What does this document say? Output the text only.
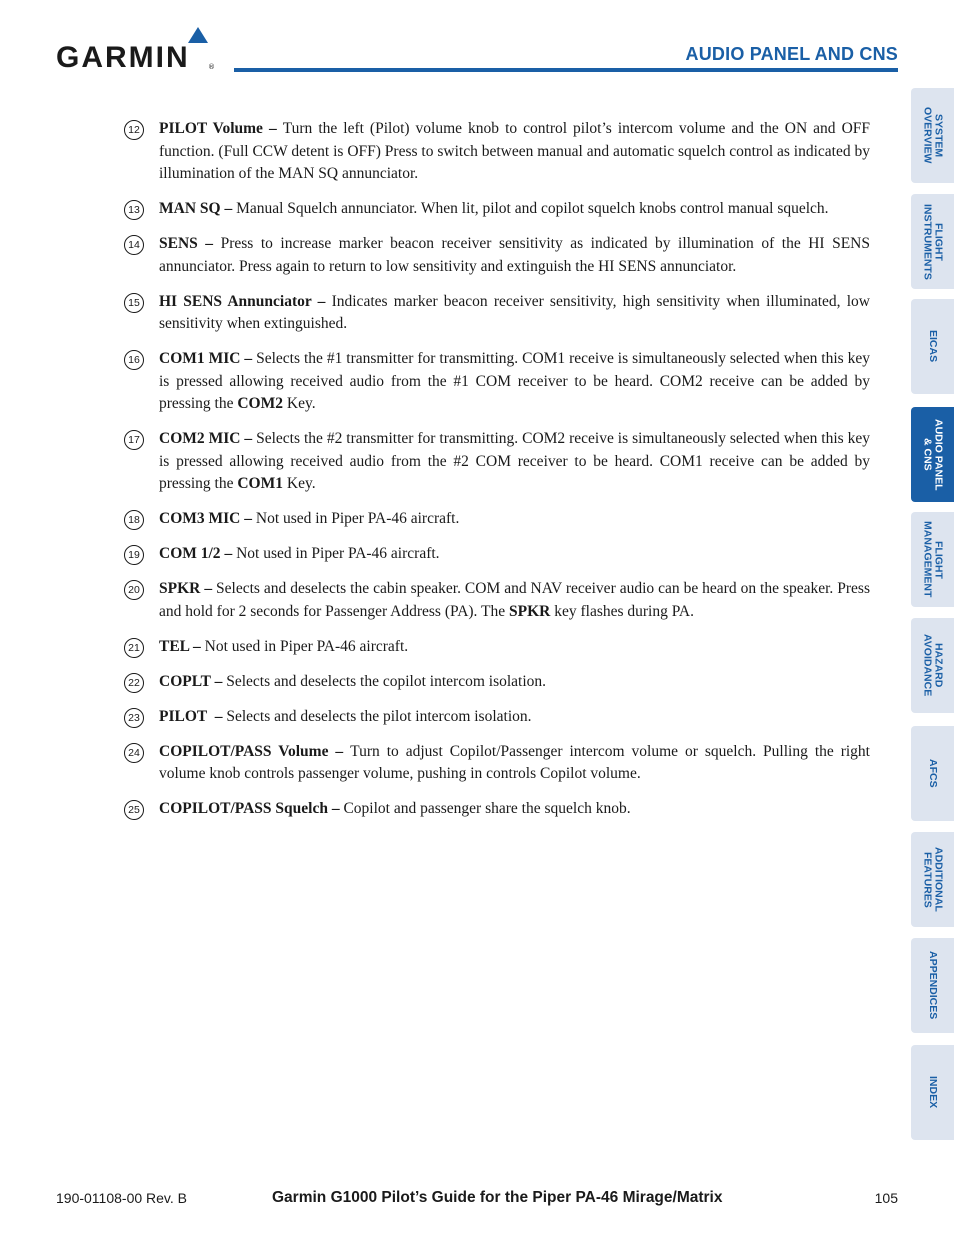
GARMIN	®
AUDIO PANEL AND CNS
12 PILOT Volume – Turn the left (Pilot) volume knob to control pilot’s intercom volume and the ON and OFF function. (Full CCW detent is OFF) Press to switch between manual and automatic squelch control as indicated by illumination of the MAN SQ annunciator.
13 MAN SQ – Manual Squelch annunciator. When lit, pilot and copilot squelch knobs control manual squelch.
14 SENS – Press to increase marker beacon receiver sensitivity as indicated by illumination of the HI SENS annunciator. Press again to return to low sensitivity and extinguish the HI SENS annunciator.
15 HI SENS Annunciator – Indicates marker beacon receiver sensitivity, high sensitivity when illuminated, low sensitivity when extinguished.
16 COM1 MIC – Selects the #1 transmitter for transmitting. COM1 receive is simultaneously selected when this key is pressed allowing received audio from the #1 COM receiver to be heard. COM2 receive can be added by pressing the COM2 Key.
17 COM2 MIC – Selects the #2 transmitter for transmitting. COM2 receive is simultaneously selected when this key is pressed allowing received audio from the #2 COM receiver to be heard. COM1 receive can be added by pressing the COM1 Key.
18 COM3 MIC – Not used in Piper PA-46 aircraft.
19 COM 1/2 – Not used in Piper PA-46 aircraft.
20 SPKR – Selects and deselects the cabin speaker. COM and NAV receiver audio can be heard on the speaker. Press and hold for 2 seconds for Passenger Address (PA). The SPKR key flashes during PA.
21 TEL – Not used in Piper PA-46 aircraft.
22 COPLT – Selects and deselects the copilot intercom isolation.
23 PILOT  – Selects and deselects the pilot intercom isolation.
24 COPILOT/PASS Volume – Turn to adjust Copilot/Passenger intercom volume or squelch. Pulling the right volume knob controls passenger volume, pushing in controls Copilot volume.
25 COPILOT/PASS Squelch – Copilot and passenger share the squelch knob.
SYSTEM
OVERVIEW
FLIGHT
INSTRUMENTS
EICAS
AUDIO PANEL
& CNS
FLIGHT
MANAGEMENT
HAZARD
AVOIDANCE
AFCS
ADDITIONAL
FEATURES
APPENDICES
INDEX
190-01108-00 Rev. B	Garmin G1000 Pilot’s Guide for the Piper PA-46 Mirage/Matrix	105
